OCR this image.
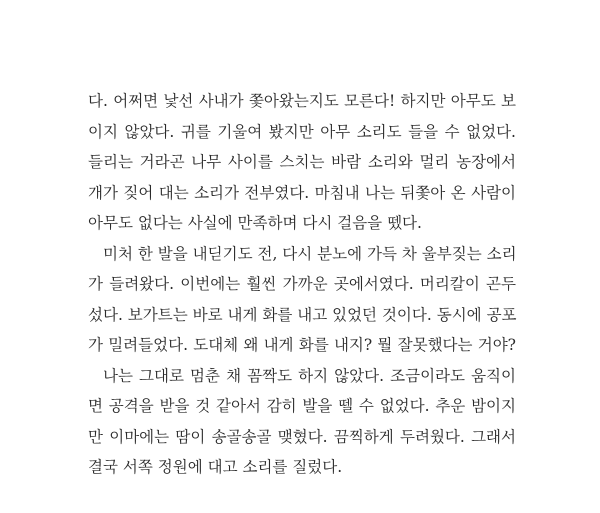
다. 어쩌면 낯선 사내가 쫓아왔는지도 모른다! 하지만 아무도 보
이지 않았다. 귀를 기울여 봤지만 아무 소리도 들을 수 없었다.
들리는 거라곤 나무 사이를 스치는 바람 소리와 멀리 농장에서
개가 짖어 대는 소리가 전부였다. 마침내 나는 뒤쫓아 온 사람이
아무도 없다는 사실에 만족하며 다시 걸음을 뗐다.

미처 한 발을 내딛기도 전, 다시 분노에 가득 차 울부짖는 소리
가 들려왔다. 이번에는 훨씬 가까운 곳에서였다. 머리칼이 곤두
섰다. 보가트는 바로 내게 화를 내고 있었던 것이다. 동시에 공포
가 밀려들었다. 도대체 왜 내게 화를 내지? 뭘 잘못했다는 거야?

나는 그대로 멈춘 채 꼼짝도 하지 않았다. 조금이라도 움직이
면 공격을 받을 것 같아서 감히 발을 뗄 수 없었다. 추운 밤이지
만 이마에는 땀이 송골송골 맺혔다. 끔찍하게 두려웠다. 그래서
결국 서쪽 정원에 대고 소리를 질렀다.
